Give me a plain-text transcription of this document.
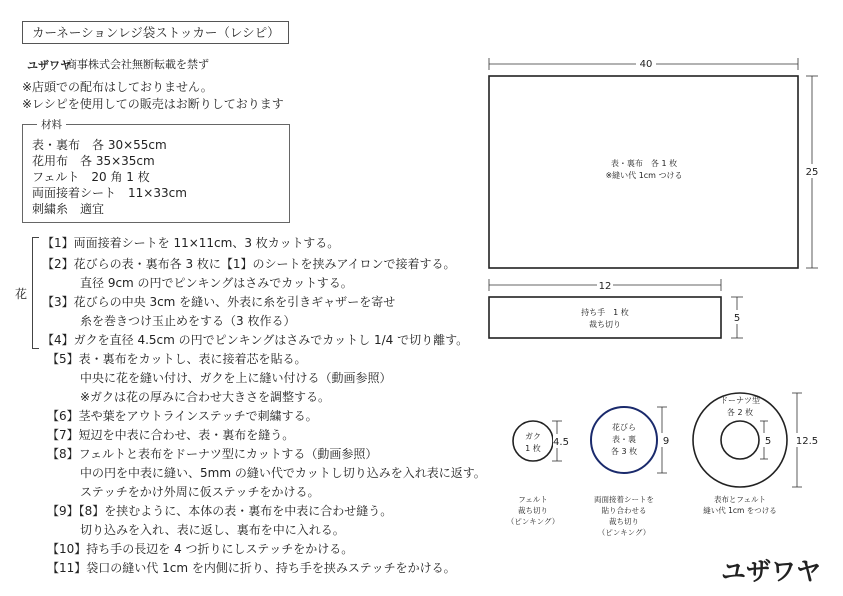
カーネーションレジ袋ストッカー（レシピ）
ユザワヤ
商事株式会社無断転載を禁ず
※店頭での配布はしておりません。
※レシピを使用しての販売はお断りしております
材料
表・裏布　各 30×55cm
花用布　各 35×35cm
フェルト　20 角 1 枚
両面接着シート　11×33cm
刺繍糸　適宜
花
【1】両面接着シートを 11×11cm、3 枚カットする。
【2】花びらの表・裏布各 3 枚に【1】のシートを挟みアイロンで接着する。
直径 9cm の円でピンキングはさみでカットする。
【3】花びらの中央 3cm を縫い、外表に糸を引きギャザーを寄せ
糸を巻きつけ玉止めをする（3 枚作る）
【4】ガクを直径 4.5cm の円でピンキングはさみでカットし 1/4 で切り離す。
【5】表・裏布をカットし、表に接着芯を貼る。
中央に花を縫い付け、ガクを上に縫い付ける（動画参照）
※ガクは花の厚みに合わせ大きさを調整する。
【6】茎や葉をアウトラインステッチで刺繍する。
【7】短辺を中表に合わせ、表・裏布を縫う。
【8】フェルトと表布をドーナツ型にカットする（動画参照）
中の円を中表に縫い、5mm の縫い代でカットし切り込みを入れ表に返す。
ステッチをかけ外周に仮ステッチをかける。
【9】【8】を挟むように、本体の表・裏布を中表に合わせ縫う。
切り込みを入れ、表に返し、裏布を中に入れる。
【10】持ち手の長辺を 4 つ折りにしステッチをかける。
【11】袋口の縫い代 1cm を内側に折り、持ち手を挟みステッチをかける。
40
表・裏布　各 1 枚
※縫い代 1cm つける	25
12
持ち手　1 枚
裁ち切り
5
ガク
1 枚
4.5
フェルト
裁ち切り
（ピンキング）
花びら
表・裏
各 3 枚
9
両面接着シートを
貼り合わせる
裁ち切り
（ピンキング）
ドーナツ型
各 2 枚
5 12.5
表布とフェルト
縫い代 1cm をつける
ユザワヤ
